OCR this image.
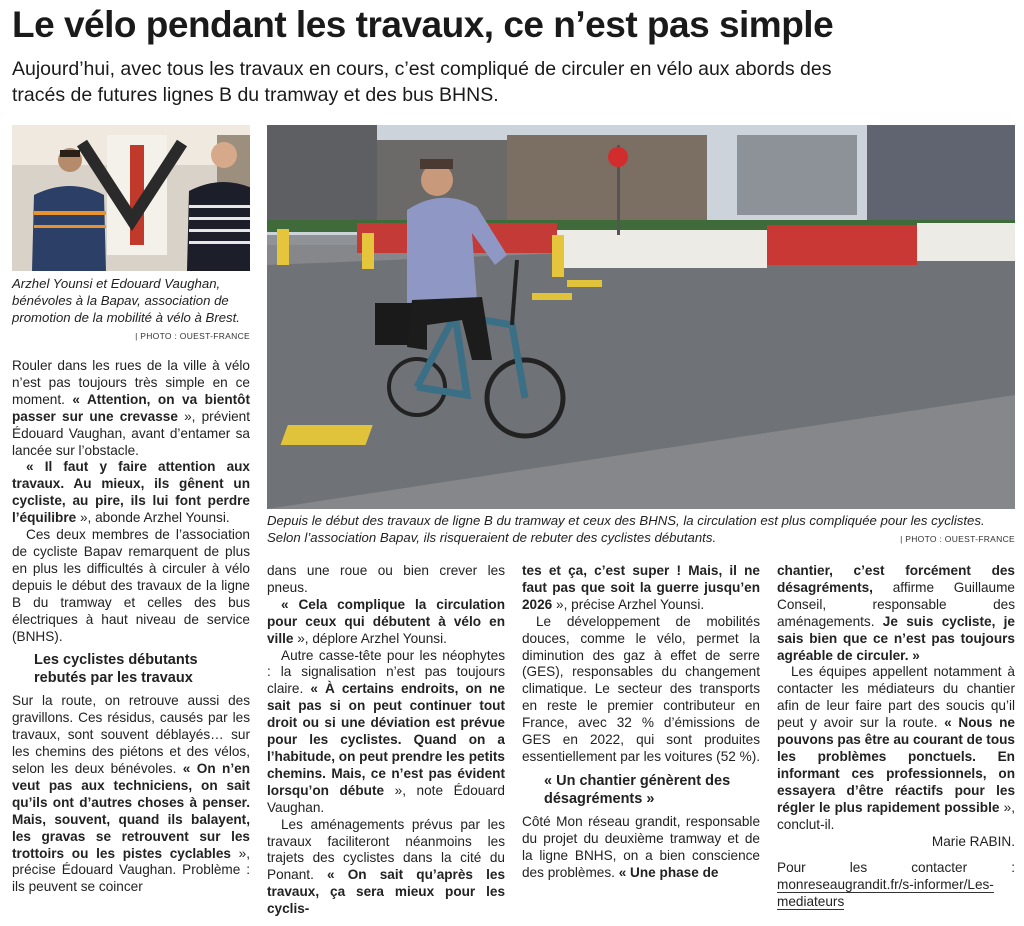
Le vélo pendant les travaux, ce n’est pas simple
Aujourd’hui, avec tous les travaux en cours, c’est compliqué de circuler en vélo aux abords des tracés de futures lignes B du tramway et des bus BHNS.
Arzhel Younsi et Edouard Vaughan, bénévoles à la Bapav, association de promotion de la mobilité à vélo à Brest.
| PHOTO : OUEST-FRANCE
Depuis le début des travaux de ligne B du tramway et ceux des BHNS, la circulation est plus compliquée pour les cyclistes. Selon l’association Bapav, ils risqueraient de rebuter des cyclistes débutants.	| PHOTO : OUEST-FRANCE

Rouler dans les rues de la ville à vélo n’est pas toujours très simple en ce moment. « Attention, on va bientôt passer sur une crevasse », prévient Édouard Vaughan, avant d’entamer sa lancée sur l’obstacle.

« Il faut y faire attention aux travaux. Au mieux, ils gênent un cycliste, au pire, ils lui font perdre l’équilibre », abonde Arzhel Younsi.

Ces deux membres de l’association de cycliste Bapav remarquent de plus en plus les difficultés à circuler à vélo depuis le début des travaux de la ligne B du tramway et celles des bus électriques à haut niveau de service (BNHS).

Les cyclistes débutants rebutés par les travaux

Sur la route, on retrouve aussi des gravillons. Ces résidus, causés par les travaux, sont souvent déblayés… sur les chemins des piétons et des vélos, selon les deux bénévoles. « On n’en veut pas aux techniciens, on sait qu’ils ont d’autres choses à penser. Mais, souvent, quand ils balayent, les gravas se retrouvent sur les trottoirs ou les pistes cyclables », précise Édouard Vaughan. Problème : ils peuvent se coincer

dans une roue ou bien crever les pneus.

« Cela complique la circulation pour ceux qui débutent à vélo en ville », déplore Arzhel Younsi.

Autre casse-tête pour les néophytes : la signalisation n’est pas toujours claire. « À certains endroits, on ne sait pas si on peut continuer tout droit ou si une déviation est prévue pour les cyclistes. Quand on a l’habitude, on peut prendre les petits chemins. Mais, ce n’est pas évident lorsqu’on débute », note Édouard Vaughan.

Les aménagements prévus par les travaux faciliteront néanmoins les trajets des cyclistes dans la cité du Ponant. « On sait qu’après les travaux, ça sera mieux pour les cyclis-

tes et ça, c’est super ! Mais, il ne faut pas que soit la guerre jusqu’en 2026 », précise Arzhel Younsi.

Le développement de mobilités douces, comme le vélo, permet la diminution des gaz à effet de serre (GES), responsables du changement climatique. Le secteur des transports en reste le premier contributeur en France, avec 32 % d’émissions de GES en 2022, qui sont produites essentiellement par les voitures (52 %).

« Un chantier génèrent des désagréments »

Côté Mon réseau grandit, responsable du projet du deuxième tramway et de la ligne BNHS, on a bien conscience des problèmes. « Une phase de

chantier, c’est forcément des désagréments, affirme Guillaume Conseil, responsable des aménagements. Je suis cycliste, je sais bien que ce n’est pas toujours agréable de circuler. »

Les équipes appellent notamment à contacter les médiateurs du chantier afin de leur faire part des soucis qu’il peut y avoir sur la route. « Nous ne pouvons pas être au courant de tous les problèmes ponctuels. En informant ces professionnels, on essayera d’être réactifs pour les régler le plus rapidement possible », conclut-il.

Marie RABIN.

Pour les contacter : monreseaugrandit.fr/s-informer/Les-mediateurs
